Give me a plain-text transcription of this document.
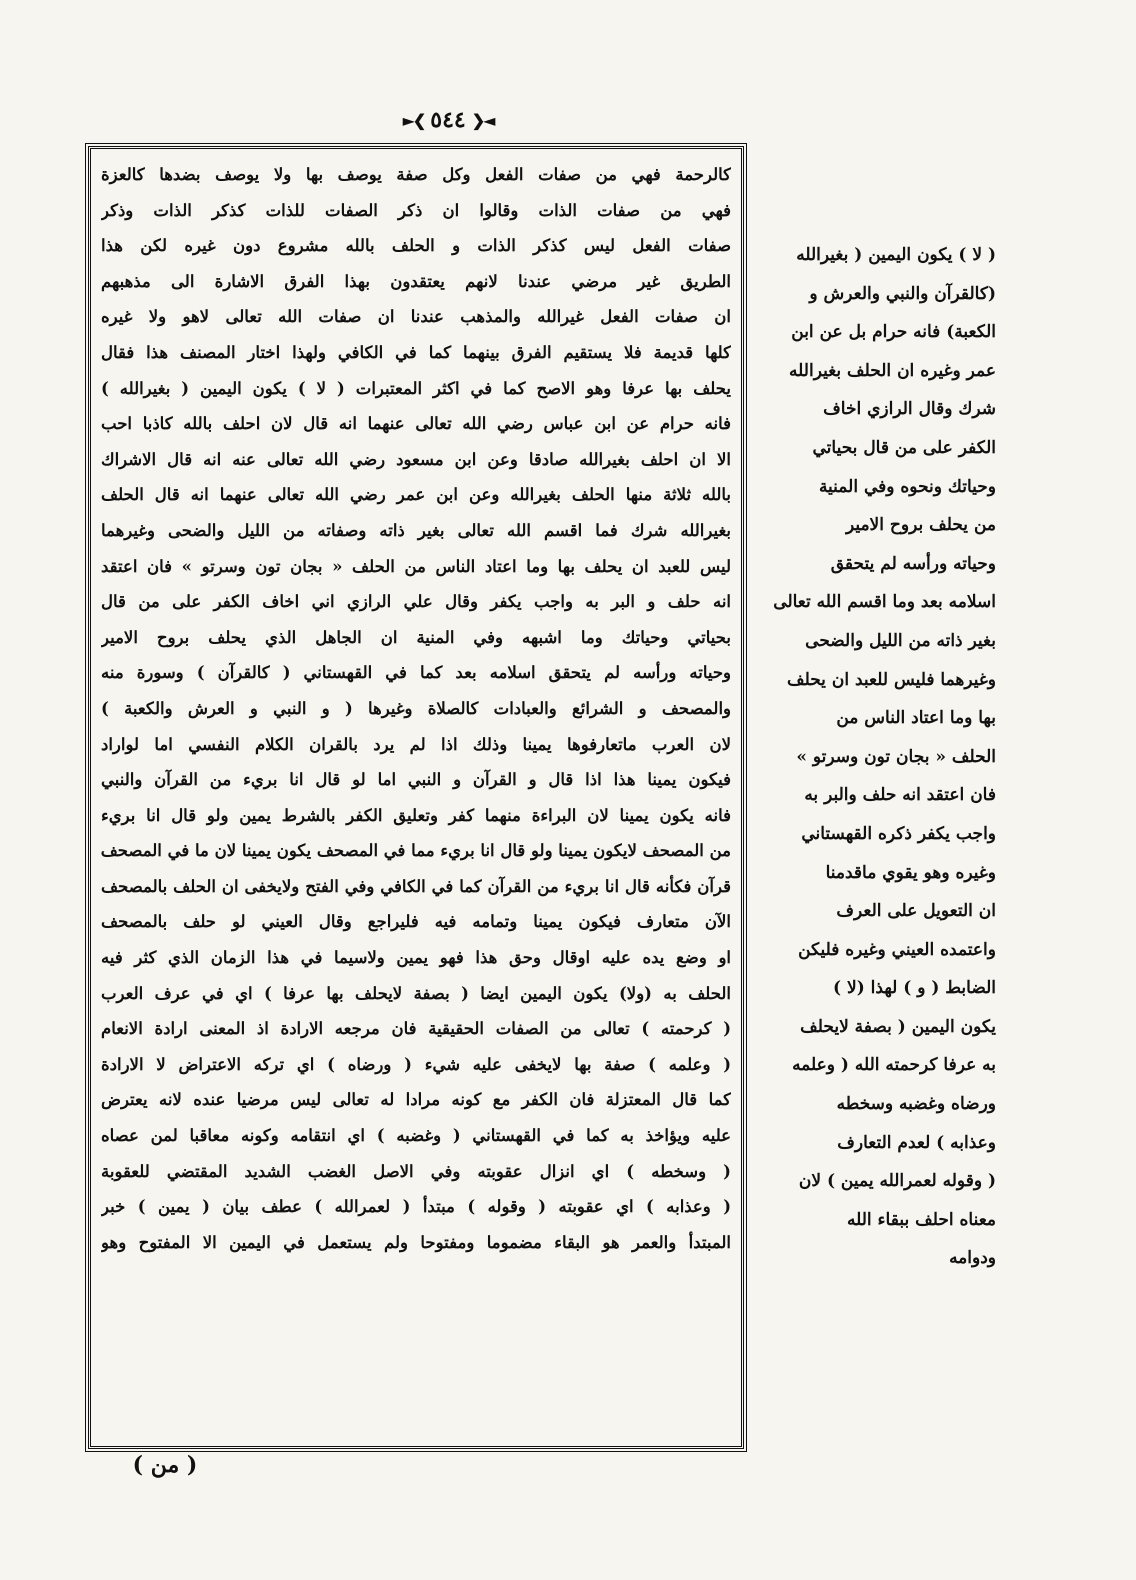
◄❮
٥٤٤
❯►
كالرحمة فهي من صفات الفعل وكل صفة يوصف بها ولا يوصف بضدها كالعزة
فهي من صفات الذات وقالوا ان ذكر الصفات للذات كذكر الذات وذكر
صفات الفعل ليس كذكر الذات و الحلف بالله مشروع دون غيره لكن هذا
الطريق غير مرضي عندنا لانهم يعتقدون بهذا الفرق الاشارة الى مذهبهم
ان صفات الفعل غيرالله والمذهب عندنا ان صفات الله تعالى لاهو ولا غيره
كلها قديمة فلا يستقيم الفرق بينهما كما في الكافي ولهذا اختار المصنف هذا فقال
يحلف بها عرفا وهو الاصح كما في اكثر المعتبرات ( لا ) يكون اليمين ( بغيرالله )
فانه حرام عن ابن عباس رضي الله تعالى عنهما انه قال لان احلف بالله كاذبا احب
الا ان احلف بغيرالله صادقا وعن ابن مسعود رضي الله تعالى عنه انه قال الاشراك
بالله ثلاثة منها الحلف بغيرالله وعن ابن عمر رضي الله تعالى عنهما انه قال الحلف
بغيرالله شرك فما اقسم الله تعالى بغير ذاته وصفاته من الليل والضحى وغيرهما
ليس للعبد ان يحلف بها وما اعتاد الناس من الحلف « بجان تون وسرتو » فان اعتقد
انه حلف و البر به واجب يكفر وقال علي الرازي اني اخاف الكفر على من قال
بحياتي وحياتك وما اشبهه وفي المنية ان الجاهل الذي يحلف بروح الامير
وحياته ورأسه لم يتحقق اسلامه بعد كما في القهستاني ( كالقرآن ) وسورة منه
والمصحف و الشرائع والعبادات كالصلاة وغيرها ( و النبي و العرش والكعبة )
لان العرب ماتعارفوها يمينا وذلك اذا لم يرد بالقران الكلام النفسي اما لواراد
فيكون يمينا هذا اذا قال و القرآن و النبي اما لو قال انا بريء من القرآن والنبي
فانه يكون يمينا لان البراءة منهما كفر وتعليق الكفر بالشرط يمين ولو قال انا بريء
من المصحف لايكون يمينا ولو قال انا بريء مما في المصحف يكون يمينا لان ما في المصحف
قرآن فكأنه قال انا بريء من القرآن كما في الكافي وفي الفتح ولايخفى ان الحلف بالمصحف
الآن متعارف فيكون يمينا وتمامه فيه فليراجع وقال العيني لو حلف بالمصحف
او وضع يده عليه اوقال وحق هذا فهو يمين ولاسيما في هذا الزمان الذي كثر فيه
الحلف به (ولا) يكون اليمين ايضا ( بصفة لايحلف بها عرفا ) اي في عرف العرب
( كرحمته ) تعالى من الصفات الحقيقية فان مرجعه الارادة اذ المعنى ارادة الانعام
( وعلمه ) صفة بها لايخفى عليه شيء ( ورضاه ) اي تركه الاعتراض لا الارادة
كما قال المعتزلة فان الكفر مع كونه مرادا له تعالى ليس مرضيا عنده لانه يعترض
عليه ويؤاخذ به كما في القهستاني ( وغضبه ) اي انتقامه وكونه معاقبا لمن عصاه
( وسخطه ) اي انزال عقوبته وفي الاصل الغضب الشديد المقتضي للعقوبة
( وعذابه ) اي عقوبته ( وقوله ) مبتدأ ( لعمرالله ) عطف بيان ( يمين ) خبر
المبتدأ والعمر هو البقاء مضموما ومفتوحا ولم يستعمل في اليمين الا المفتوح وهو
( لا ) يكون اليمين ( بغيرالله
(كالقرآن والنبي والعرش و
الكعبة) فانه حرام بل عن ابن
عمر وغيره ان الحلف بغيرالله
شرك وقال الرازي اخاف
الكفر على من قال بحياتي
وحياتك ونحوه وفي المنية
من يحلف بروح الامير
وحياته ورأسه لم يتحقق
اسلامه بعد وما اقسم الله تعالى
بغير ذاته من الليل والضحى
وغيرهما فليس للعبد ان يحلف
بها وما اعتاد الناس من
الحلف « بجان تون وسرتو »
فان اعتقد انه حلف والبر به
واجب يكفر ذكره القهستاني
وغيره وهو يقوي ماقدمنا
ان التعويل على العرف
واعتمده العيني وغيره فليكن
الضابط ( و ) لهذا (لا )
يكون اليمين ( بصفة لايحلف
به عرفا كرحمته الله ( وعلمه
ورضاه وغضبه وسخطه
وعذابه ) لعدم التعارف
( وقوله لعمرالله يمين ) لان
معناه احلف ببقاء الله
ودوامه
( من )
